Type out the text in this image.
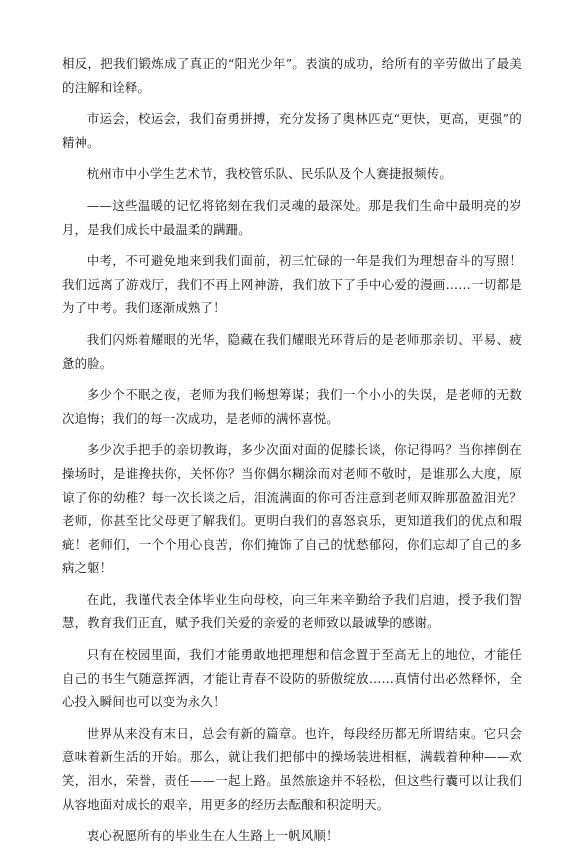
相反，把我们锻炼成了真正的“阳光少年”。表演的成功，给所有的辛劳做出了最美的注解和诠释。

市运会，校运会，我们奋勇拼搏，充分发扬了奥林匹克“更快，更高，更强”的精神。

杭州市中小学生艺术节，我校管乐队、民乐队及个人赛捷报频传。

——这些温暖的记忆将铭刻在我们灵魂的最深处。那是我们生命中最明亮的岁月，是我们成长中最温柔的蹒跚。

中考，不可避免地来到我们面前，初三忙碌的一年是我们为理想奋斗的写照！我们远离了游戏厅，我们不再上网神游，我们放下了手中心爱的漫画……一切都是为了中考。我们逐渐成熟了！

我们闪烁着耀眼的光华，隐藏在我们耀眼光环背后的是老师那亲切、平易、疲惫的脸。

多少个不眠之夜，老师为我们畅想筹谋；我们一个小小的失误，是老师的无数次追悔；我们的每一次成功，是老师的满怀喜悦。

多少次手把手的亲切教诲，多少次面对面的促膝长谈，你记得吗？当你摔倒在操场时，是谁搀扶你，关怀你？当你偶尔糊涂而对老师不敬时，是谁那么大度，原谅了你的幼稚？每一次长谈之后，泪流满面的你可否注意到老师双眸那盈盈泪光？老师，你甚至比父母更了解我们。更明白我们的喜怒哀乐，更知道我们的优点和瑕疵！老师们，一个个用心良苦，你们掩饰了自己的忧愁郁闷，你们忘却了自己的多病之躯！

在此，我谨代表全体毕业生向母校，向三年来辛勤给予我们启迪，授予我们智慧，教育我们正直，赋予我们关爱的亲爱的老师致以最诚挚的感谢。

只有在校园里面，我们才能勇敢地把理想和信念置于至高无上的地位，才能任自己的书生气随意挥洒，才能让青春不设防的骄傲绽放……真情付出必然释怀，全心投入瞬间也可以变为永久！

世界从来没有末日，总会有新的篇章。也许，每段经历都无所谓结束。它只会意味着新生活的开始。那么，就让我们把郁中的操场装进相框，满载着种种——欢笑，泪水，荣誉，责任——一起上路。虽然旅途并不轻松，但这些行囊可以让我们从容地面对成长的艰辛，用更多的经历去酝酿和积淀明天。

衷心祝愿所有的毕业生在人生路上一帆风顺！
